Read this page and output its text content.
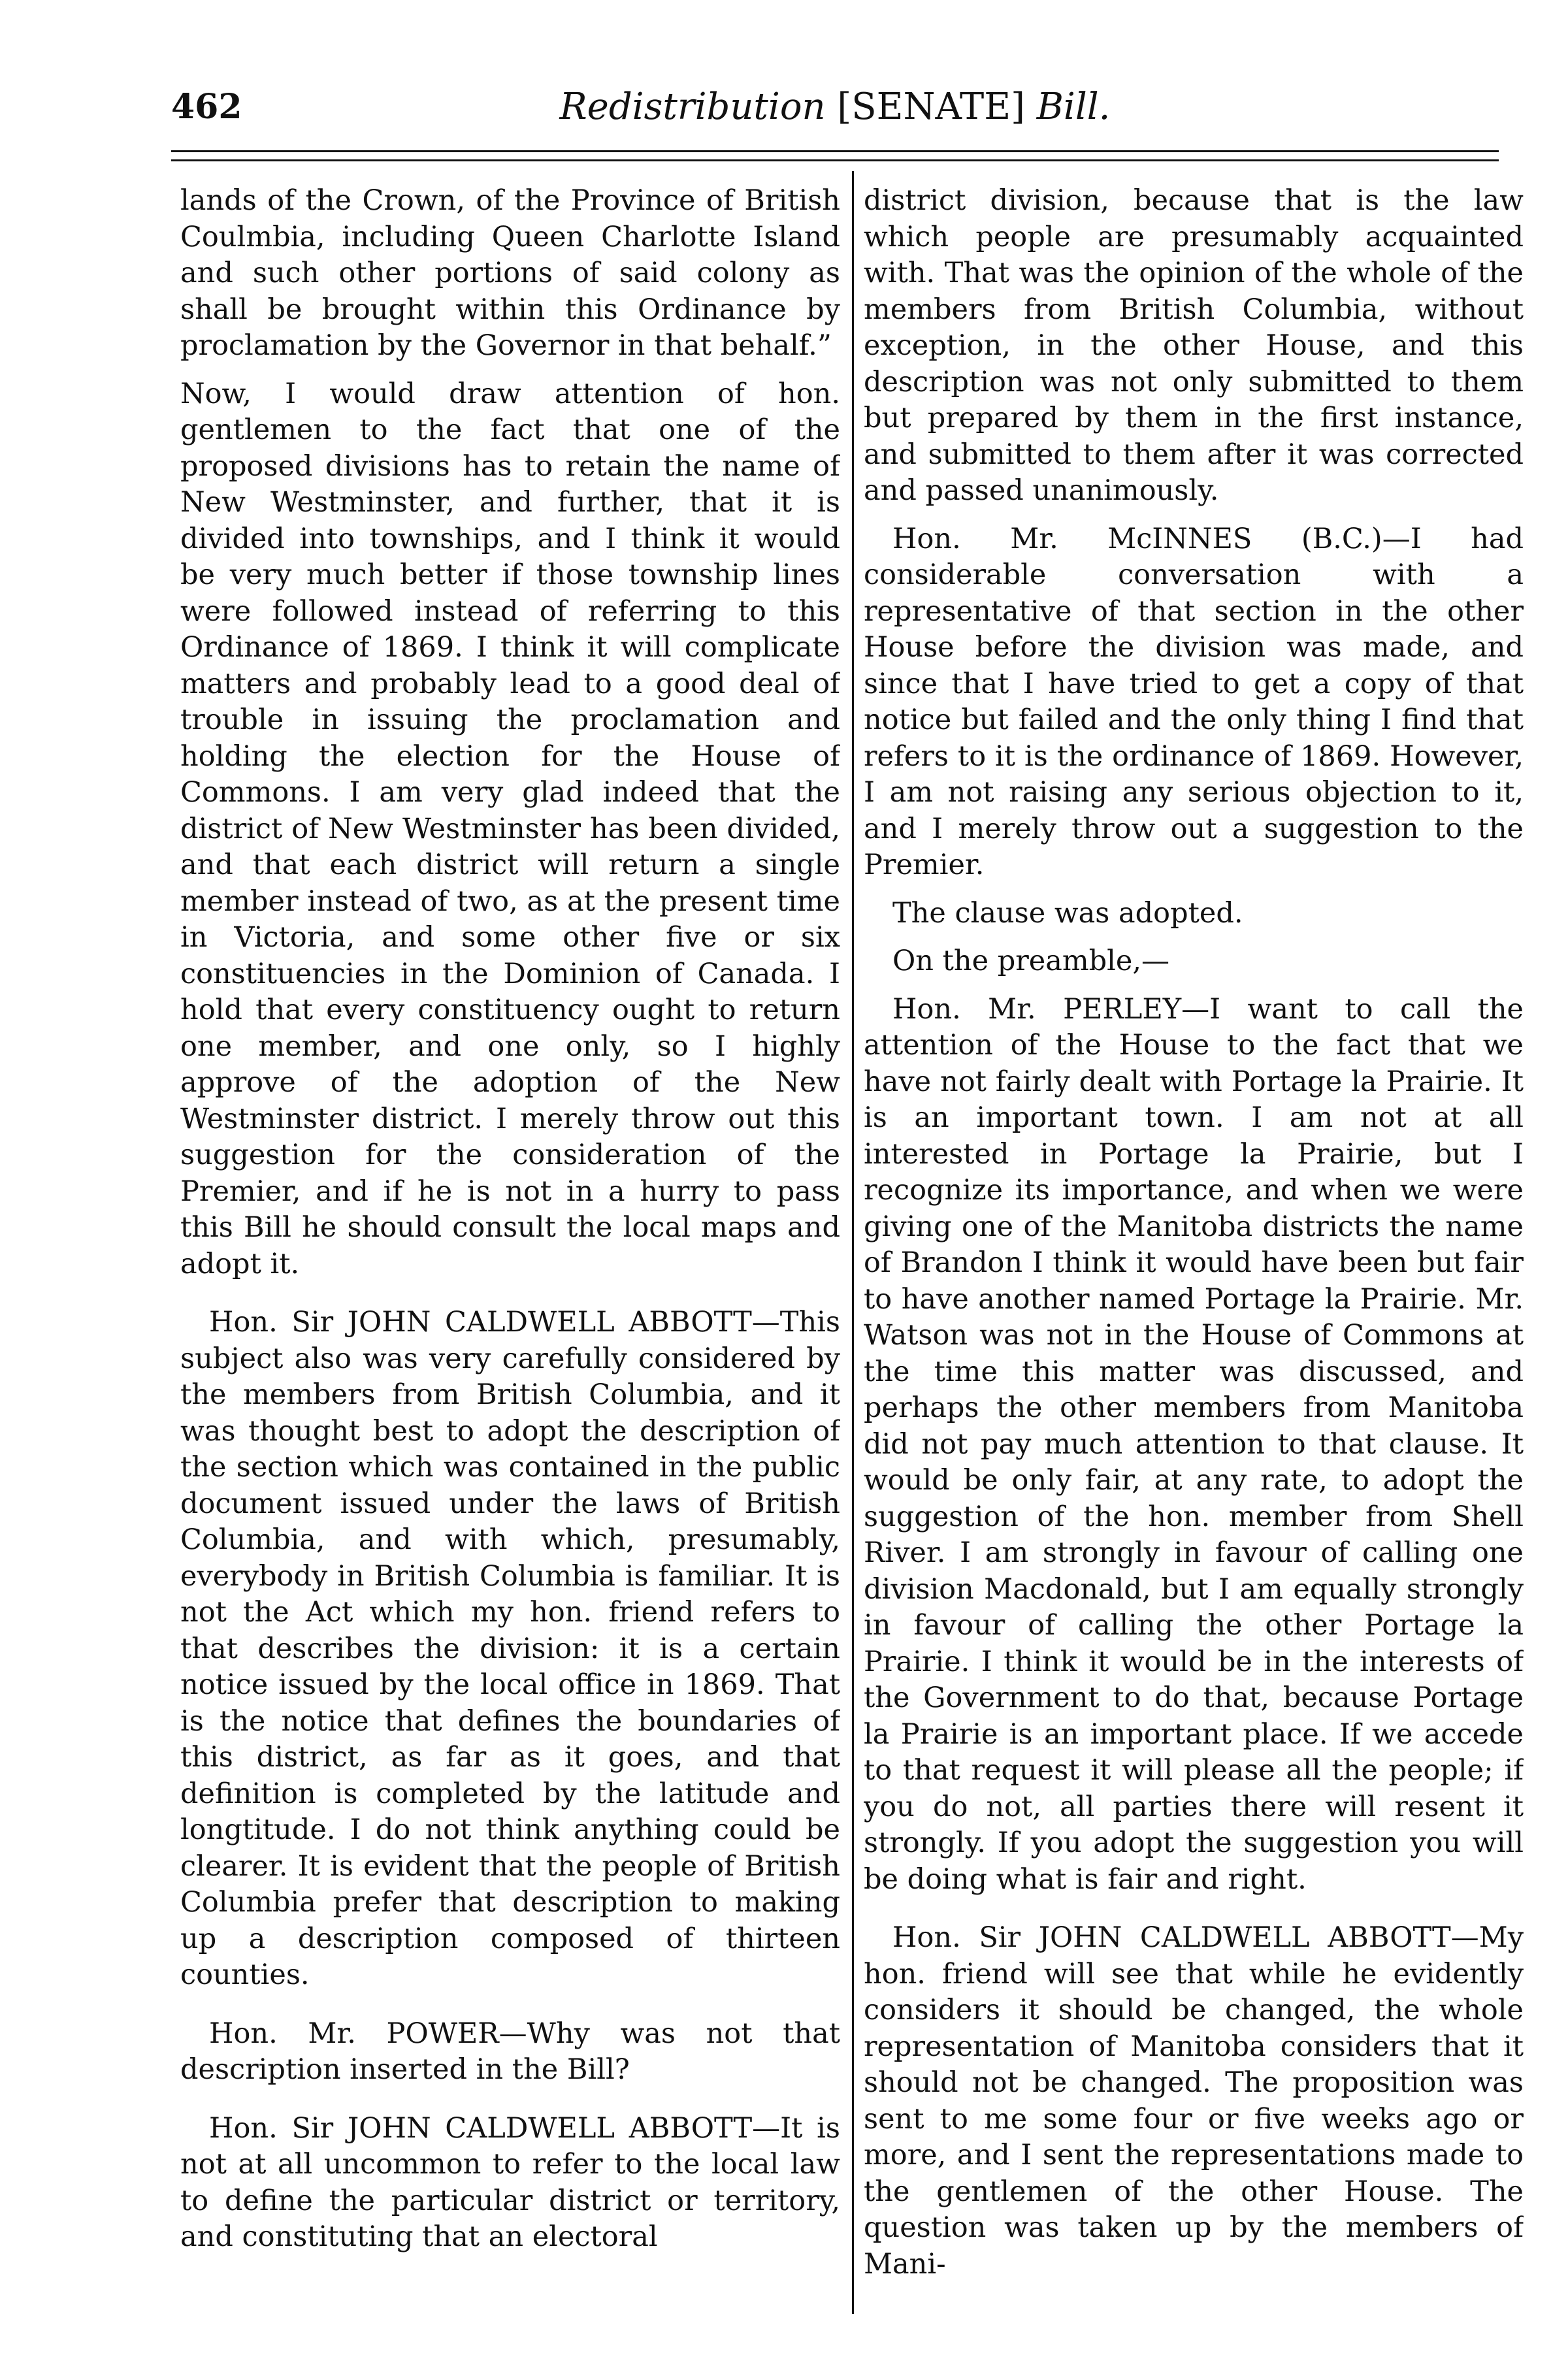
462	Redistribution [SENATE] Bill.

lands of the Crown, of the Province of British Coulmbia, including Queen Charlotte Island and such other portions of said colony as shall be brought within this Ordinance by proclamation by the Governor in that behalf.”

Now, I would draw attention of hon. gentlemen to the fact that one of the proposed divisions has to retain the name of New Westminster, and further, that it is divided into townships, and I think it would be very much better if those township lines were followed instead of referring to this Ordinance of 1869. I think it will complicate matters and probably lead to a good deal of trouble in issuing the proclamation and holding the election for the House of Commons. I am very glad indeed that the district of New Westminster has been divided, and that each district will return a single member instead of two, as at the present time in Victoria, and some other five or six constituencies in the Dominion of Canada. I hold that every constituency ought to return one member, and one only, so I highly approve of the adoption of the New Westminster district. I merely throw out this suggestion for the consideration of the Premier, and if he is not in a hurry to pass this Bill he should consult the local maps and adopt it.

Hon. Sir JOHN CALDWELL ABBOTT—This subject also was very carefully considered by the members from British Columbia, and it was thought best to adopt the description of the section which was contained in the public document issued under the laws of British Columbia, and with which, presumably, everybody in British Columbia is familiar. It is not the Act which my hon. friend refers to that describes the division: it is a certain notice issued by the local office in 1869. That is the notice that defines the boundaries of this district, as far as it goes, and that definition is completed by the latitude and longtitude. I do not think anything could be clearer. It is evident that the people of British Columbia prefer that description to making up a description composed of thirteen counties.

Hon. Mr. POWER—Why was not that description inserted in the Bill?

Hon. Sir JOHN CALDWELL ABBOTT—It is not at all uncommon to refer to the local law to define the particular district or territory, and constituting that an electoral

district division, because that is the law which people are presumably acquainted with. That was the opinion of the whole of the members from British Columbia, without exception, in the other House, and this description was not only submitted to them but prepared by them in the first instance, and submitted to them after it was corrected and passed unanimously.

Hon. Mr. McINNES (B.C.)—I had considerable conversation with a representative of that section in the other House before the division was made, and since that I have tried to get a copy of that notice but failed and the only thing I find that refers to it is the ordinance of 1869. However, I am not raising any serious objection to it, and I merely throw out a suggestion to the Premier.

The clause was adopted.

On the preamble,—

Hon. Mr. PERLEY—I want to call the attention of the House to the fact that we have not fairly dealt with Portage la Prairie. It is an important town. I am not at all interested in Portage la Prairie, but I recognize its importance, and when we were giving one of the Manitoba districts the name of Brandon I think it would have been but fair to have another named Portage la Prairie. Mr. Watson was not in the House of Commons at the time this matter was discussed, and perhaps the other members from Manitoba did not pay much attention to that clause. It would be only fair, at any rate, to adopt the suggestion of the hon. member from Shell River. I am strongly in favour of calling one division Macdonald, but I am equally strongly in favour of calling the other Portage la Prairie. I think it would be in the interests of the Government to do that, because Portage la Prairie is an important place. If we accede to that request it will please all the people; if you do not, all parties there will resent it strongly. If you adopt the suggestion you will be doing what is fair and right.

Hon. Sir JOHN CALDWELL ABBOTT—My hon. friend will see that while he evidently considers it should be changed, the whole representation of Manitoba considers that it should not be changed. The proposition was sent to me some four or five weeks ago or more, and I sent the representations made to the gentlemen of the other House. The question was taken up by the members of Mani-
